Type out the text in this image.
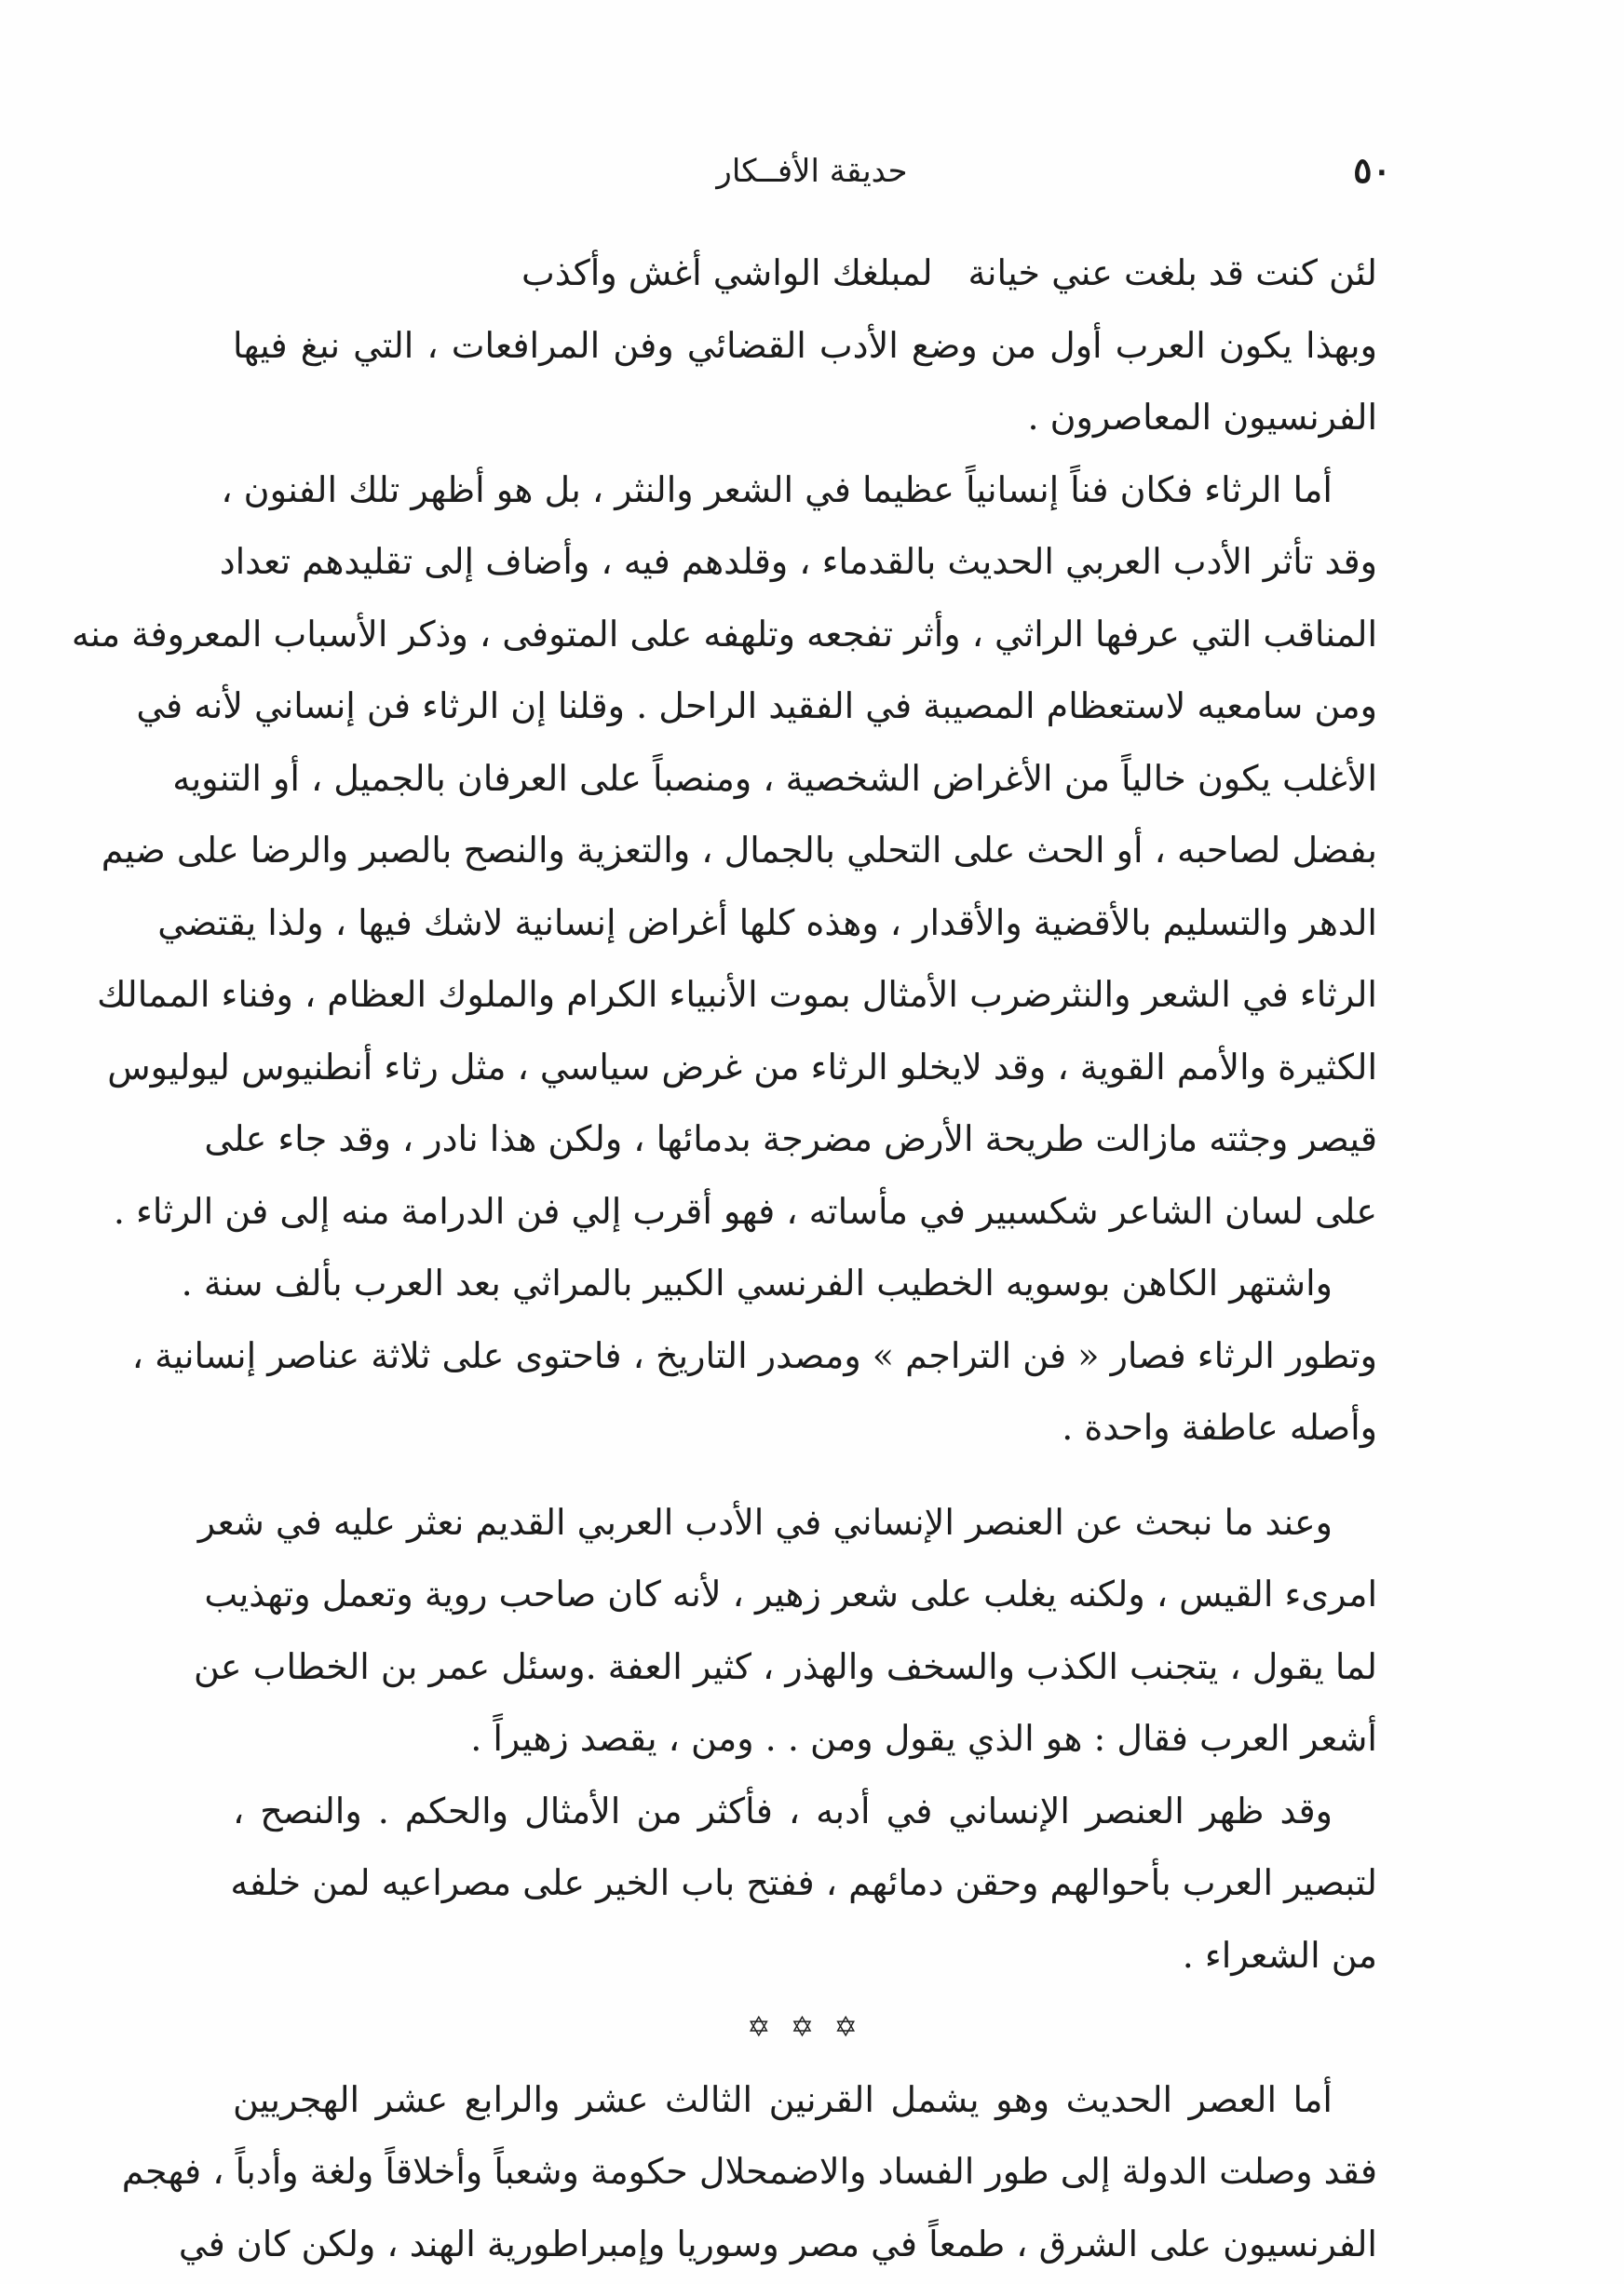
٥٠
حديقة الأفــكار
لئن كنت قد بلغت عني خيانة
لمبلغك الواشي أغش وأكذب
وبهذا يكون العرب أول من وضع الأدب القضائي وفن المرافعات ، التي نبغ فيها
الفرنسيون المعاصرون .
أما الرثاء فكان فناً إنسانياً عظيما في الشعر والنثر ، بل هو أظهر تلك الفنون ،
وقد تأثر الأدب العربي الحديث بالقدماء ، وقلدهم فيه ، وأضاف إلى تقليدهم تعداد
المناقب التي عرفها الراثي ، وأثر تفجعه وتلهفه على المتوفى ، وذكر الأسباب المعروفة منه
ومن سامعيه لاستعظام المصيبة في الفقيد الراحل . وقلنا إن الرثاء فن إنساني لأنه في
الأغلب يكون خالياً من الأغراض الشخصية ، ومنصباً على العرفان بالجميل ، أو التنويه
بفضل لصاحبه ، أو الحث على التحلي بالجمال ، والتعزية والنصح بالصبر والرضا على ضيم
الدهر والتسليم بالأقضية والأقدار ، وهذه كلها أغراض إنسانية لاشك فيها ، ولذا يقتضي
الرثاء في الشعر والنثرضرب الأمثال بموت الأنبياء الكرام والملوك العظام ، وفناء الممالك
الكثيرة والأمم القوية ، وقد لايخلو الرثاء من غرض سياسي ، مثل رثاء أنطنيوس ليوليوس
قيصر وجثته مازالت طريحة الأرض مضرجة بدمائها ، ولكن هذا نادر ، وقد جاء على
على لسان الشاعر شكسبير في مأساته ، فهو أقرب إلي فن الدرامة منه إلى فن الرثاء .
واشتهر الكاهن بوسويه الخطيب الفرنسي الكبير بالمراثي بعد العرب بألف سنة .
وتطور الرثاء فصار « فن التراجم » ومصدر التاريخ ، فاحتوى على ثلاثة عناصر إنسانية ،
وأصله عاطفة واحدة .
وعند ما نبحث عن العنصر الإنساني في الأدب العربي القديم نعثر عليه في شعر
امرىء القيس ، ولكنه يغلب على شعر زهير ، لأنه كان صاحب روية وتعمل وتهذيب
لما يقول ، يتجنب الكذب والسخف والهذر ، كثير العفة .وسئل عمر بن الخطاب عن
أشعر العرب فقال : هو الذي يقول ومن . . ومن ، يقصد زهيراً .
وقد ظهر العنصر الإنساني في أدبه ، فأكثر من الأمثال والحكم . والنصح ،
لتبصير العرب بأحوالهم وحقن دمائهم ، ففتح باب الخير على مصراعيه لمن خلفه
من الشعراء .
✡ ✡ ✡
أما العصر الحديث وهو يشمل القرنين الثالث عشر والرابع عشر الهجريين
فقد وصلت الدولة إلى طور الفساد والاضمحلال حكومة وشعباً وأخلاقاً ولغة وأدباً ، فهجم
الفرنسيون على الشرق ، طمعاً في مصر وسوريا وإمبراطورية الهند ، ولكن كان في
